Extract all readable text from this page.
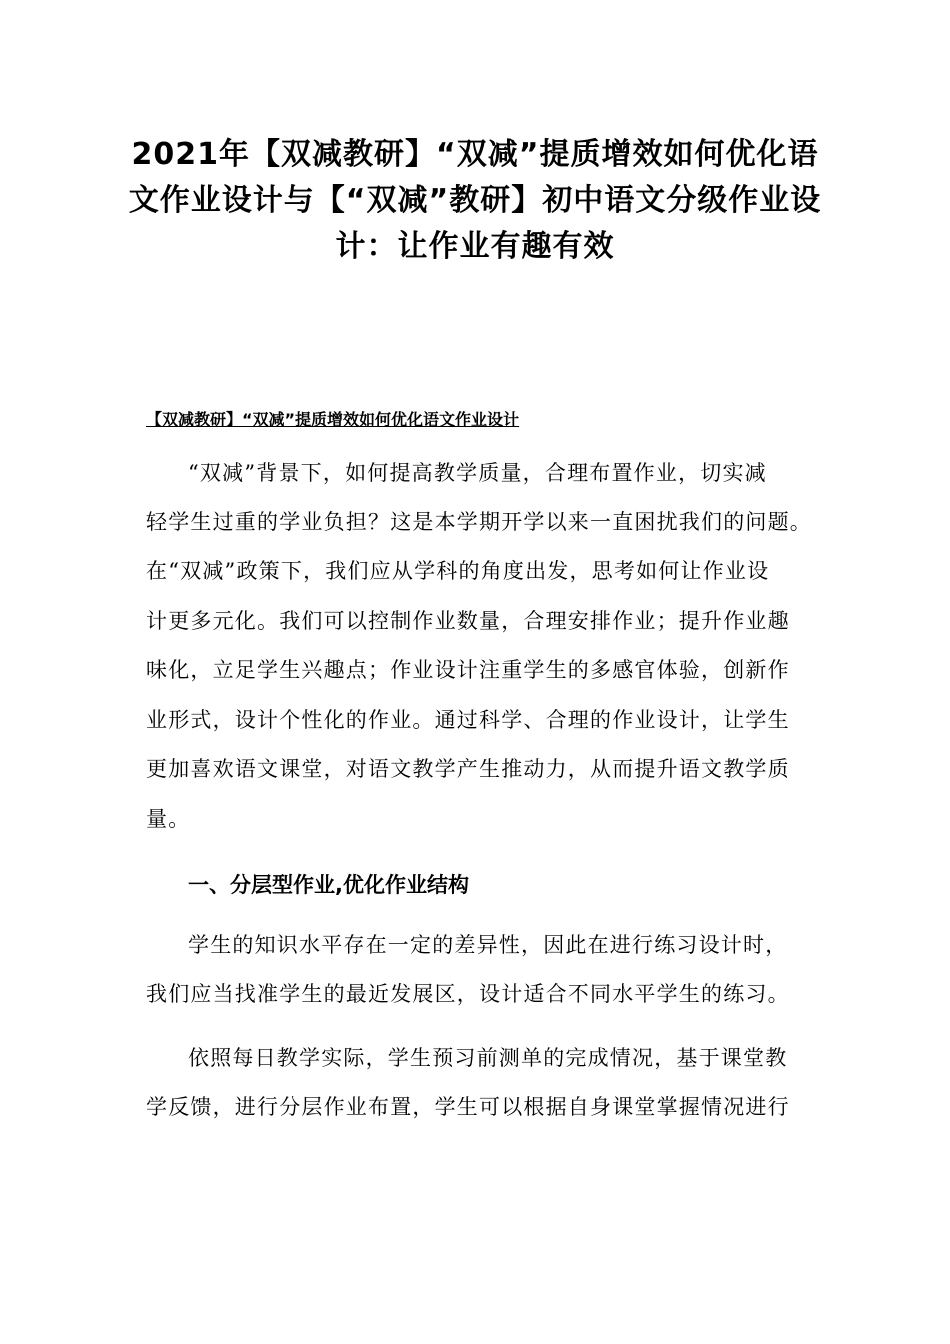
2021年【双减教研】“双减”提质增效如何优化语
文作业设计与【“双减”教研】初中语文分级作业设
计：让作业有趣有效

【双减教研】“双减”提质增效如何优化语文作业设计

“双减”背景下，如何提高教学质量，合理布置作业，切实减

轻学生过重的学业负担？这是本学期开学以来一直困扰我们的问题。

在“双减”政策下，我们应从学科的角度出发，思考如何让作业设

计更多元化。我们可以控制作业数量，合理安排作业；提升作业趣

味化，立足学生兴趣点；作业设计注重学生的多感官体验，创新作

业形式，设计个性化的作业。通过科学、合理的作业设计，让学生

更加喜欢语文课堂，对语文教学产生推动力，从而提升语文教学质

量。

一、分层型作业,优化作业结构

学生的知识水平存在一定的差异性，因此在进行练习设计时，

我们应当找准学生的最近发展区，设计适合不同水平学生的练习。

依照每日教学实际，学生预习前测单的完成情况，基于课堂教

学反馈，进行分层作业布置，学生可以根据自身课堂掌握情况进行
